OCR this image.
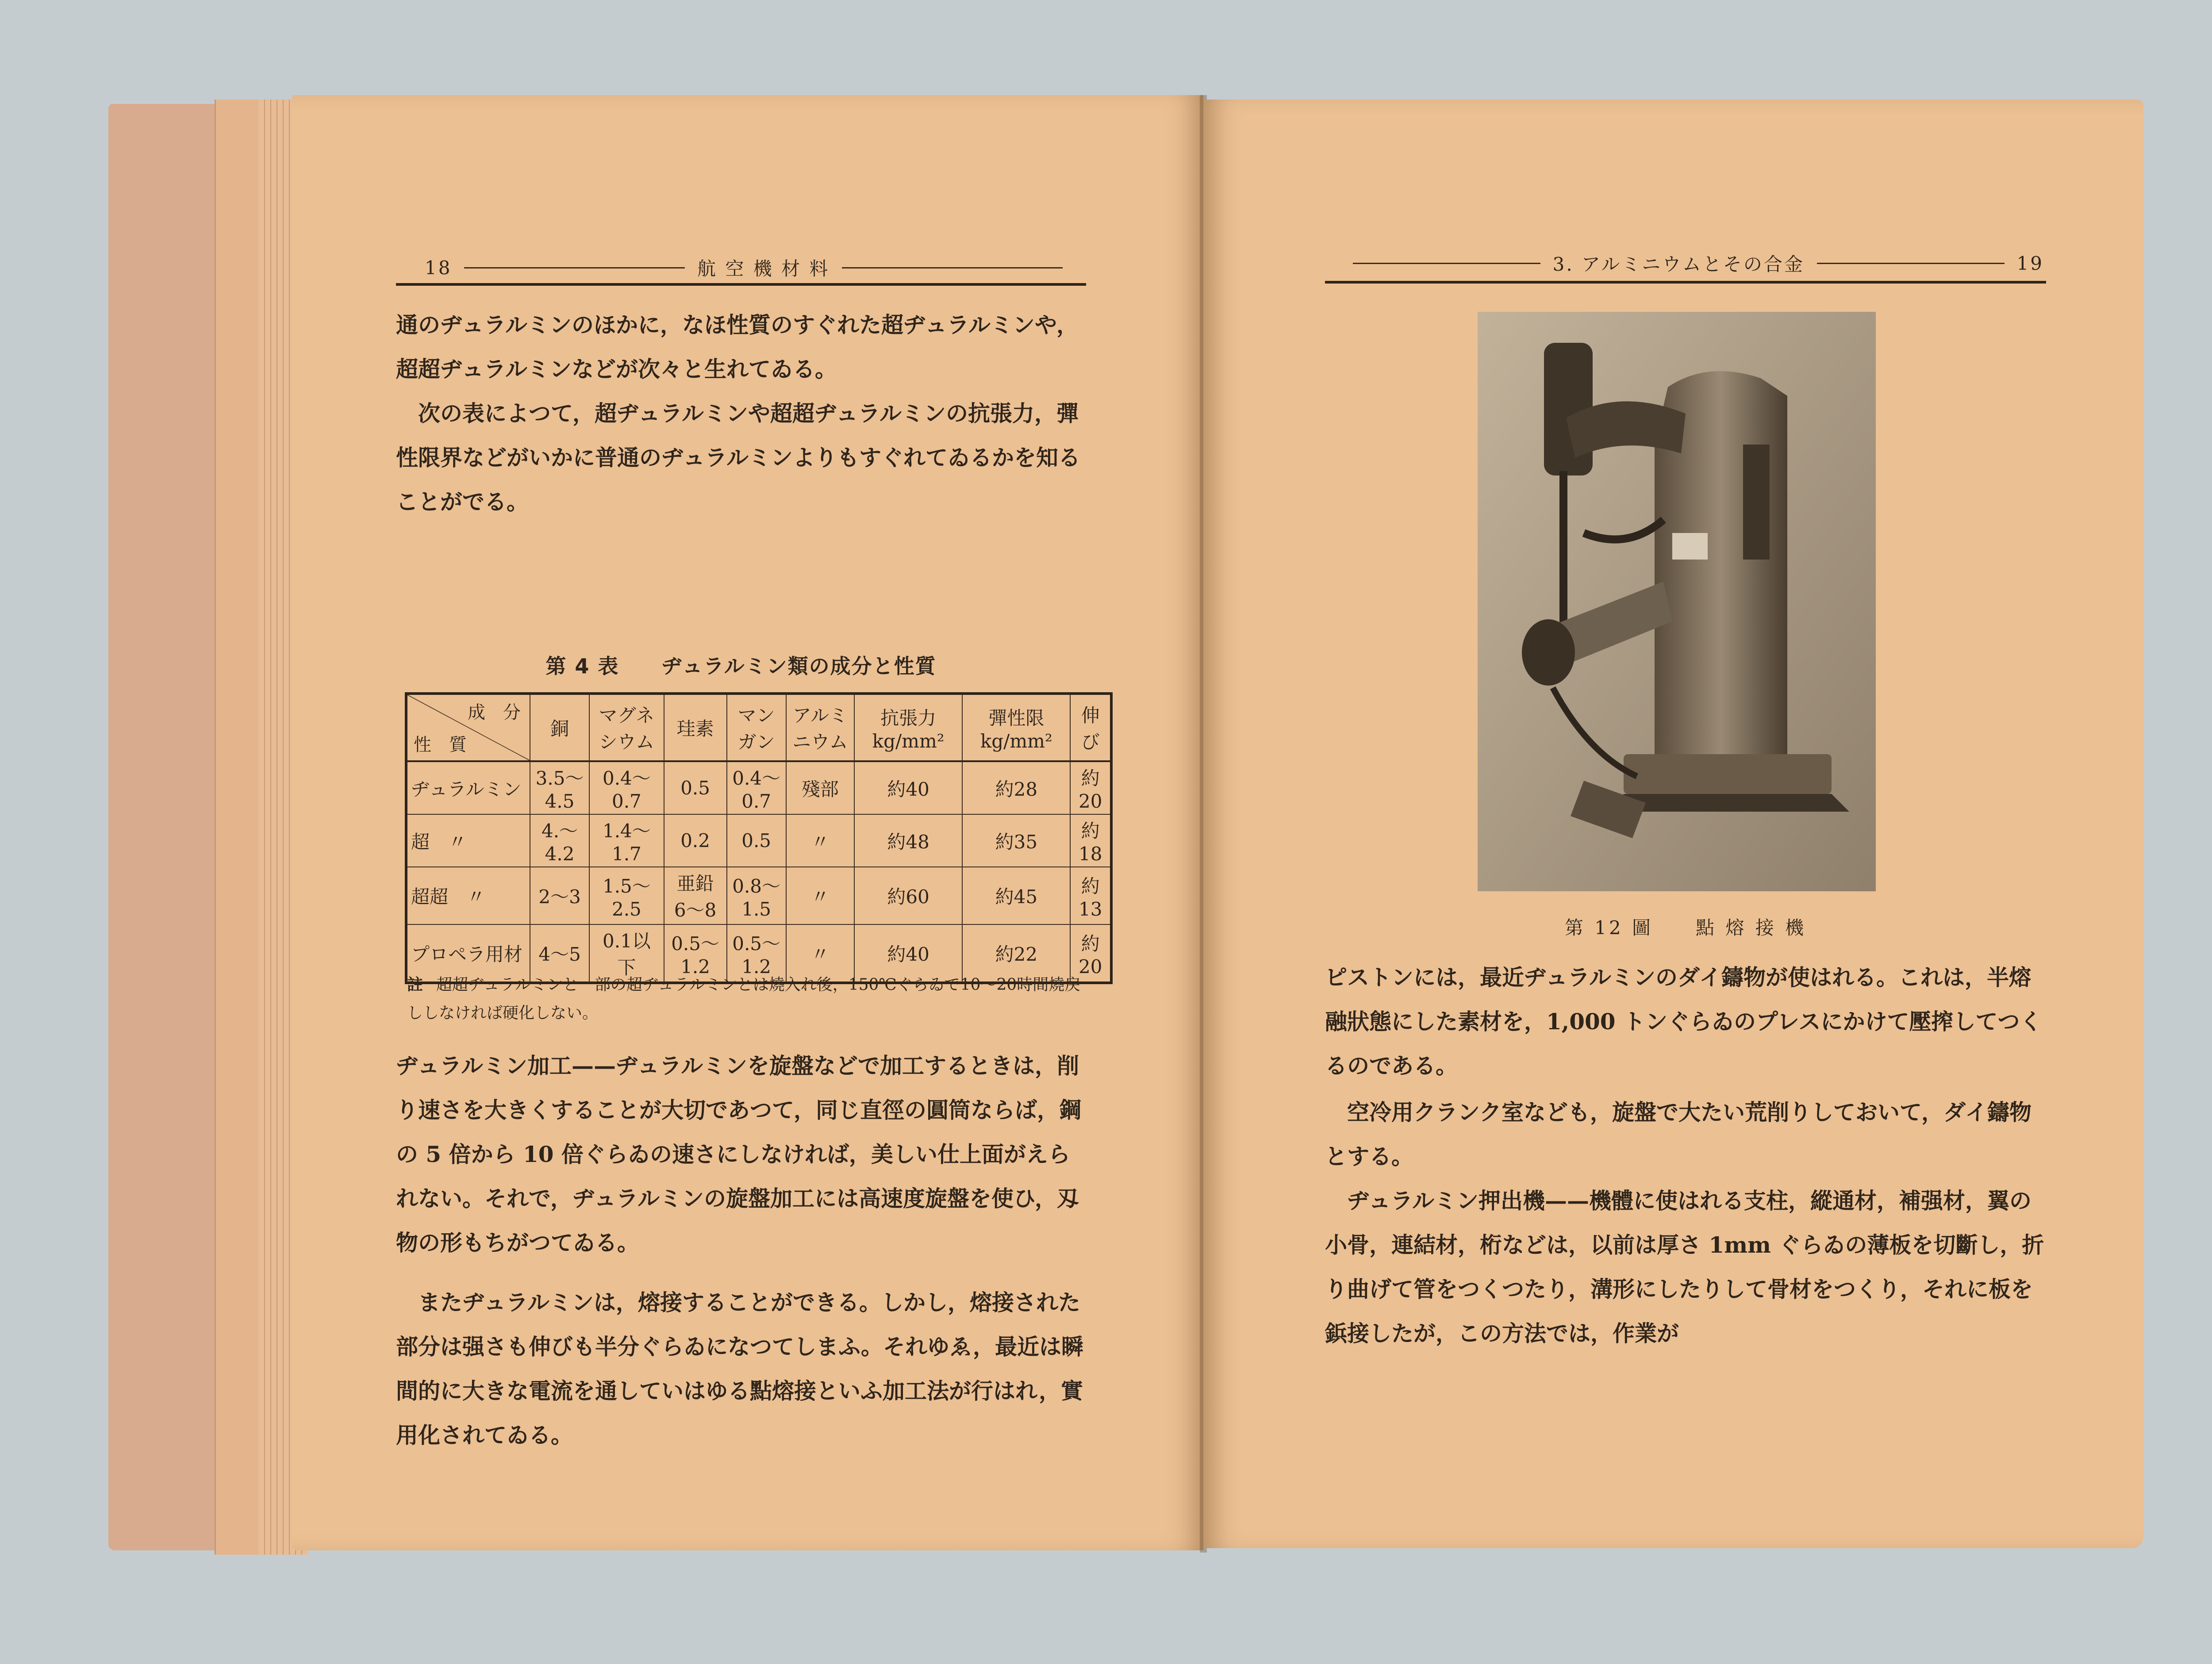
18	航 空 機 材 料

通のヂュラルミンのほかに，なほ性質のすぐれた超ヂュラルミンや，超超ヂュラルミンなどが次々と生れてゐる。

次の表によつて，超ヂュラルミンや超超ヂュラルミンの抗張力，彈性限界などがいかに普通のヂュラルミンよりもすぐれてゐるかを知ることがでる。

第 4 表　　ヂュラルミン類の成分と性質
成　分
性　質	銅	マグネシウム	珪素	マンガン	アルミニウム	抗張力 kg/mm²	彈性限 kg/mm²	伸び
ヂュラルミン	3.5～4.5	0.4～0.7	0.5	0.4～0.7	殘部	約40	約28	約20
超　〃	4.～4.2	1.4～1.7	0.2	0.5	〃	約48	約35	約18
超超　〃	2～3	1.5～2.5	亜鉛 6～8	0.8～1.5	〃	約60	約45	約13
プロペラ用材	4～5	0.1以下	0.5～1.2	0.5～1.2	〃	約40	約22	約20
註 超超ヂュラルミンと一部の超ヂュラルミンとは燒入れ後，150℃ぐらゐで10～20時間燒戻ししなければ硬化しない。

ヂュラルミン加工——ヂュラルミンを旋盤などで加工するときは，削り速さを大きくすることが大切であつて，同じ直徑の圓筒ならば，鋼の 5 倍から 10 倍ぐらゐの速さにしなければ，美しい仕上面がえられない。それで，ヂュラルミンの旋盤加工には高速度旋盤を使ひ，刄物の形もちがつてゐる。

またヂュラルミンは，熔接することができる。しかし，熔接された部分は强さも伸びも半分ぐらゐになつてしまふ。それゆゑ，最近は瞬間的に大きな電流を通していはゆる點熔接といふ加工法が行はれ，實用化されてゐる。

3. アルミニウムとその合金	19
第 12 圖　　點 熔 接 機

ピストンには，最近ヂュラルミンのダイ鑄物が使はれる。これは，半熔融狀態にした素材を，1,000 トンぐらゐのプレスにかけて壓搾してつくるのである。

空冷用クランク室なども，旋盤で大たい荒削りしておいて，ダイ鑄物とする。

ヂュラルミン押出機——機體に使はれる支柱，縱通材，補强材，翼の小骨，連結材，桁などは，以前は厚さ 1mm ぐらゐの薄板を切斷し，折り曲げて管をつくつたり，溝形にしたりして骨材をつくり，それに板を鋲接したが，この方法では，作業が
